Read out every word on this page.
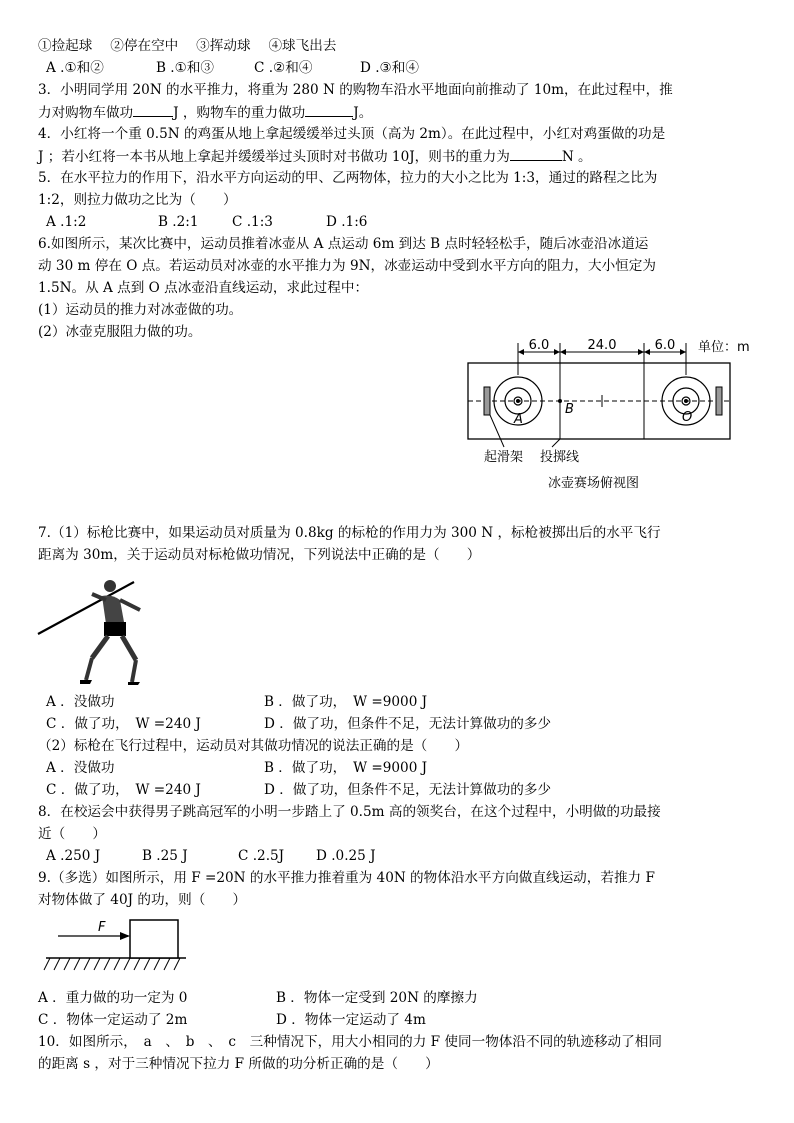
①捡起球　 ②停在空中　 ③挥动球　 ④球飞出去
A .①和②	B .①和③	C .②和④	D .③和④
3．小明同学用 20N 的水平推力，将重为 280 N 的购物车沿水平地面向前推动了 10m，在此过程中，推
力对购物车做功	J ，购物车的重力做功	J。
4．小红将一个重 0.5N 的鸡蛋从地上拿起缓缓举过头顶（高为 2m）。在此过程中，小红对鸡蛋做的功是
J ；若小红将一本书从地上拿起并缓缓举过头顶时对书做功 10J，则书的重力为	N 。
5．在水平拉力的作用下，沿水平方向运动的甲、乙两物体，拉力的大小之比为 1:3，通过的路程之比为
1:2，则拉力做功之比为（　　）
A .1:2	B .2:1 C .1:3	D .1:6
6.如图所示，某次比赛中，运动员推着冰壶从 A 点运动 6m 到达 B 点时轻轻松手，随后冰壶沿冰道运
动 30 m 停在 O 点。若运动员对冰壶的水平推力为 9N，冰壶运动中受到水平方向的阻力，大小恒定为
1.5N。从 A 点到 O 点冰壶沿直线运动，求此过程中：
(1）运动员的推力对冰壶做的功。
(2）冰壶克服阻力做的功。
6.0	24.0	6.0 单位：m
A
B
O
起滑架 投掷线
冰壶赛场俯视图
7.（1）标枪比赛中，如果运动员对质量为 0.8kg 的标枪的作用力为 300 N ，标枪被掷出后的水平飞行
距离为 30m，关于运动员对标枪做功情况，下列说法中正确的是（　　）
A ．没做功	B ．做了功，　W =9000 J
C ．做了功，　W =240 J	D ．做了功，但条件不足，无法计算做功的多少
（2）标枪在飞行过程中，运动员对其做功情况的说法正确的是（　　）
A ．没做功	B ．做了功，　W =9000 J
C ．做了功，　W =240 J	D ．做了功，但条件不足，无法计算做功的多少
8．在校运会中获得男子跳高冠军的小明一步踏上了 0.5m 高的领奖台，在这个过程中，小明做的功最接
近（　　）
A .250 J	B .25 J	C .2.5J D .0.25 J
9.（多选）如图所示，用 F =20N 的水平推力推着重为 40N 的物体沿水平方向做直线运动，若推力 F
对物体做了 40J 的功，则（　　）
F
A ．重力做的功一定为 0	B ．物体一定受到 20N 的摩擦力
C ．物体一定运动了 2m	D ．物体一定运动了 4m
10．如图所示，　a　、　b　、　c　三种情况下，用大小相同的力 F 使同一物体沿不同的轨迹移动了相同
的距离 s ，对于三种情况下拉力 F 所做的功分析正确的是（　　）
